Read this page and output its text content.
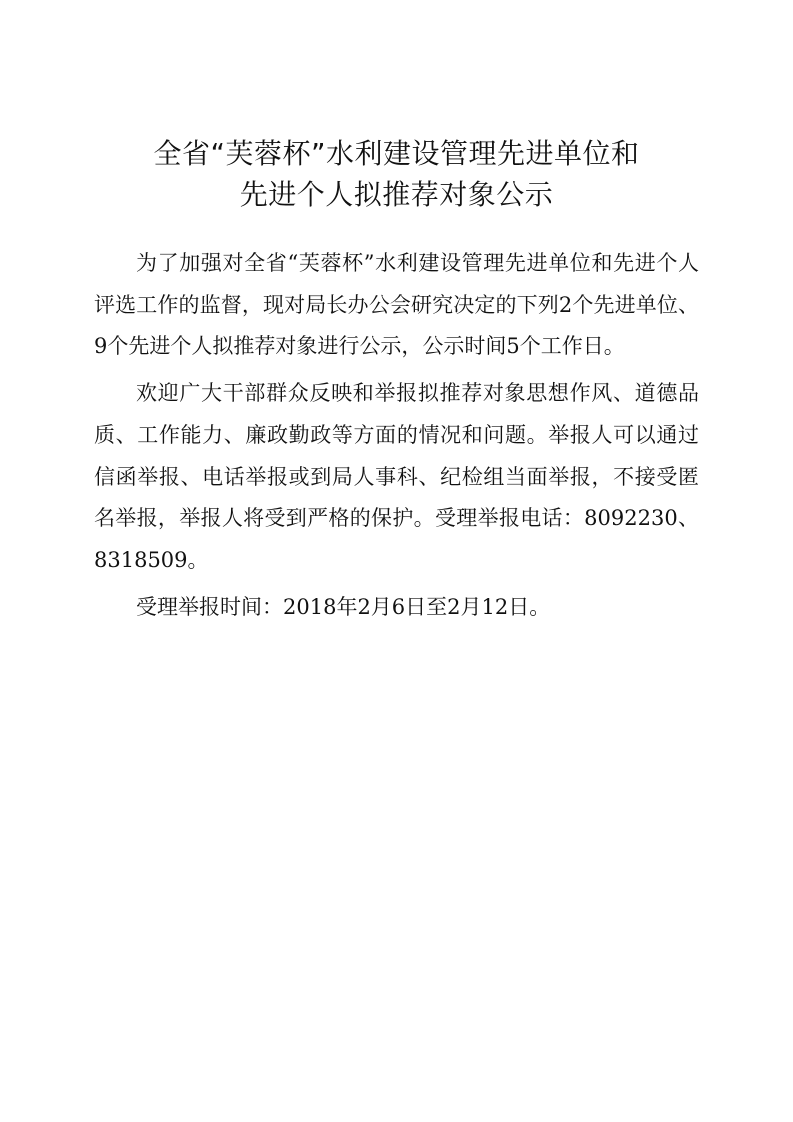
全省“芙蓉杯”水利建设管理先进单位和
先进个人拟推荐对象公示

为了加强对全省“芙蓉杯”水利建设管理先进单位和先进个人评选工作的监督，现对局长办公会研究决定的下列2个先进单位、9个先进个人拟推荐对象进行公示，公示时间5个工作日。

欢迎广大干部群众反映和举报拟推荐对象思想作风、道德品质、工作能力、廉政勤政等方面的情况和问题。举报人可以通过信函举报、电话举报或到局人事科、纪检组当面举报，不接受匿名举报，举报人将受到严格的保护。受理举报电话：8092230、8318509。

受理举报时间：2018年2月6日至2月12日。
